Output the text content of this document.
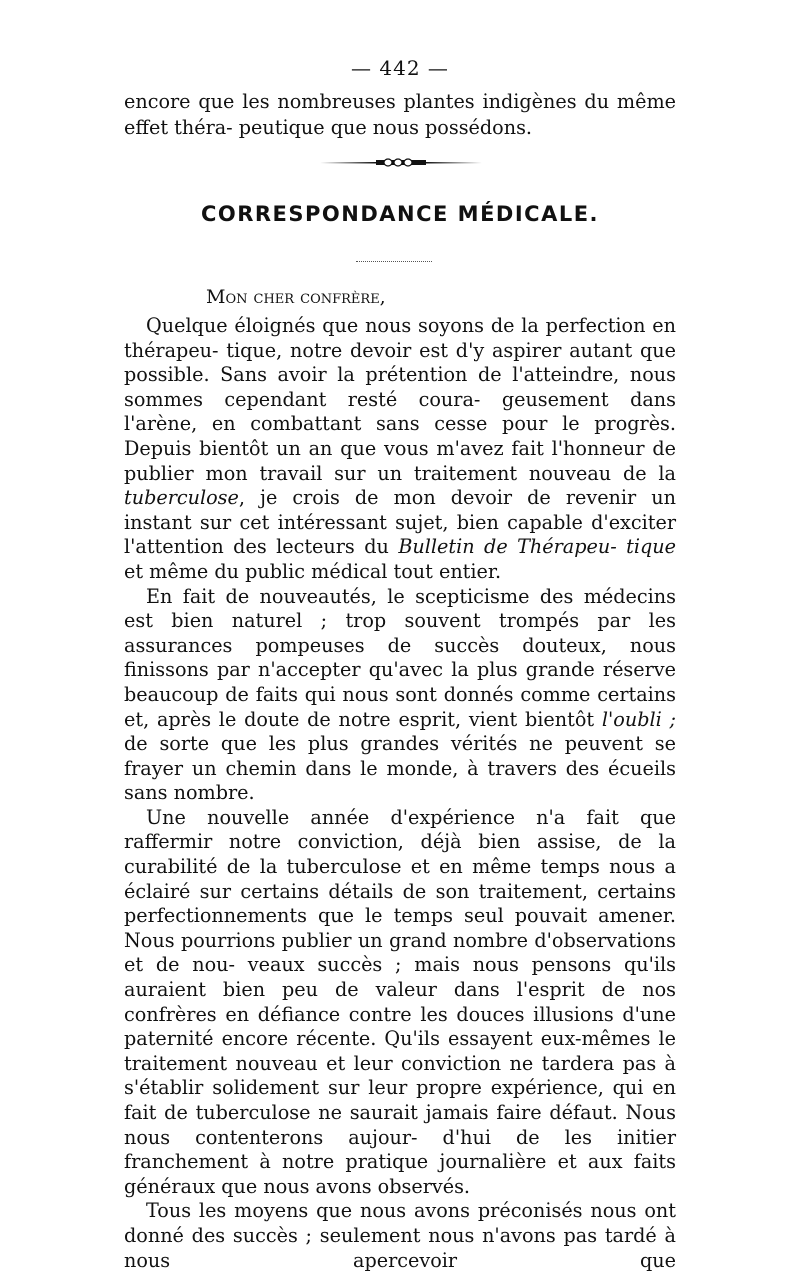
— 442 —
encore que les nombreuses plantes indigènes du même effet théra- peutique que nous possédons.
CORRESPONDANCE MÉDICALE.
Mon cher confrère,

Quelque éloignés que nous soyons de la perfection en thérapeu- tique, notre devoir est d'y aspirer autant que possible. Sans avoir la prétention de l'atteindre, nous sommes cependant resté coura- geusement dans l'arène, en combattant sans cesse pour le progrès. Depuis bientôt un an que vous m'avez fait l'honneur de publier mon travail sur un traitement nouveau de la tuberculose, je crois de mon devoir de revenir un instant sur cet intéressant sujet, bien capable d'exciter l'attention des lecteurs du Bulletin de Thérapeu- tique et même du public médical tout entier.

En fait de nouveautés, le scepticisme des médecins est bien naturel ; trop souvent trompés par les assurances pompeuses de succès douteux, nous finissons par n'accepter qu'avec la plus grande réserve beaucoup de faits qui nous sont donnés comme certains et, après le doute de notre esprit, vient bientôt l'oubli ; de sorte que les plus grandes vérités ne peuvent se frayer un chemin dans le monde, à travers des écueils sans nombre.

Une nouvelle année d'expérience n'a fait que raffermir notre conviction, déjà bien assise, de la curabilité de la tuberculose et en même temps nous a éclairé sur certains détails de son traitement, certains perfectionnements que le temps seul pouvait amener. Nous pourrions publier un grand nombre d'observations et de nou- veaux succès ; mais nous pensons qu'ils auraient bien peu de valeur dans l'esprit de nos confrères en défiance contre les douces illusions d'une paternité encore récente. Qu'ils essayent eux-mêmes le traitement nouveau et leur conviction ne tardera pas à s'établir solidement sur leur propre expérience, qui en fait de tuberculose ne saurait jamais faire défaut. Nous nous contenterons aujour- d'hui de les initier franchement à notre pratique journalière et aux faits généraux que nous avons observés.

Tous les moyens que nous avons préconisés nous ont donné des succès ; seulement nous n'avons pas tardé à nous apercevoir que
